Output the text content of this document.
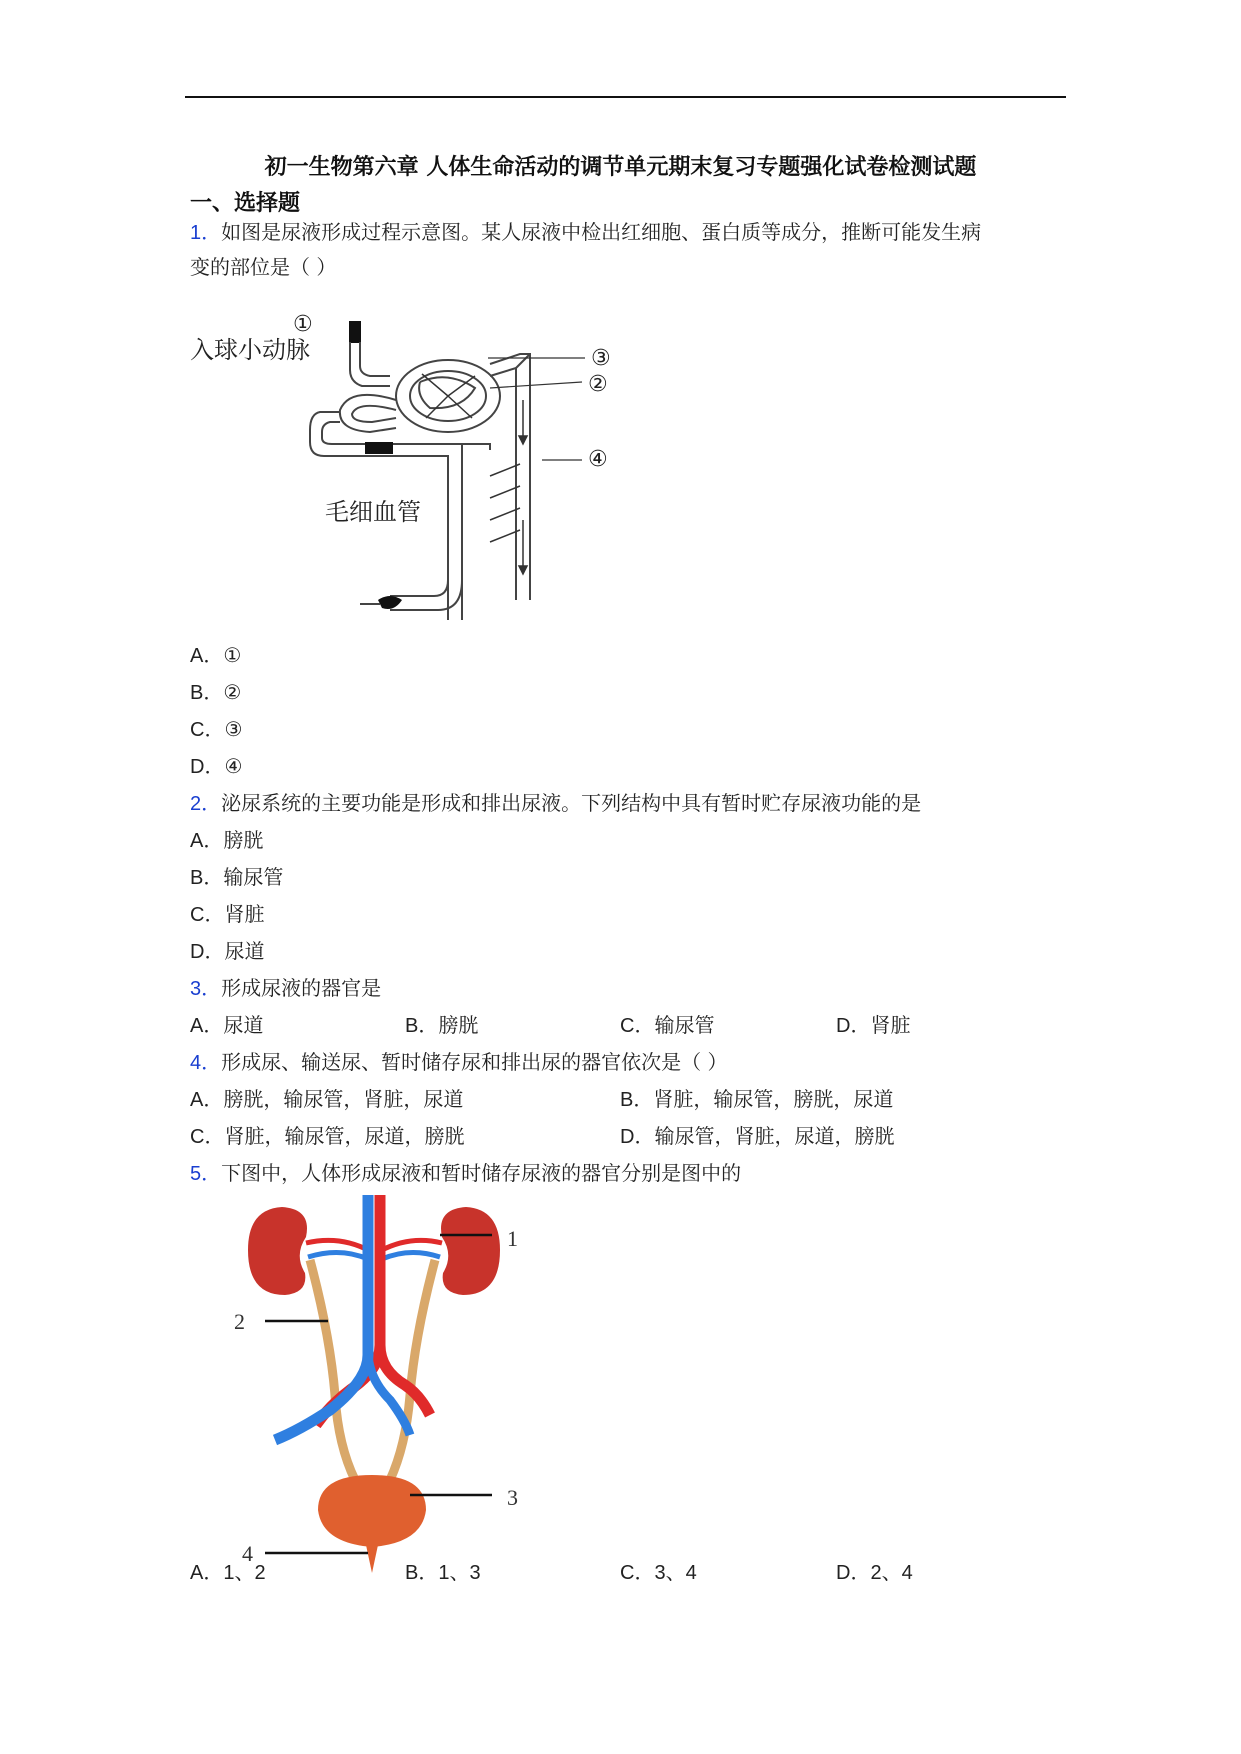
初一生物第六章 人体生命活动的调节单元期末复习专题强化试卷检测试题
一、选择题
1．如图是尿液形成过程示意图。某人尿液中检出红细胞、蛋白质等成分，推断可能发生病
变的部位是（ ）
①
③
②
④
入球小动脉
毛细血管
A．①
B．②
C．③
D．④
2．泌尿系统的主要功能是形成和排出尿液。下列结构中具有暂时贮存尿液功能的是
A．膀胱
B．输尿管
C．肾脏
D．尿道
3．形成尿液的器官是
A．尿道	B．膀胱	C．输尿管	D．肾脏
4．形成尿、输送尿、暂时储存尿和排出尿的器官依次是（ ）
A．膀胱，输尿管，肾脏，尿道	B．肾脏，输尿管，膀胱，尿道
C．肾脏，输尿管，尿道，膀胱	D．输尿管，肾脏，尿道，膀胱
5．下图中，人体形成尿液和暂时储存尿液的器官分别是图中的
1
2
3
4
A．1、2	B．1、3	C．3、4	D．2、4
